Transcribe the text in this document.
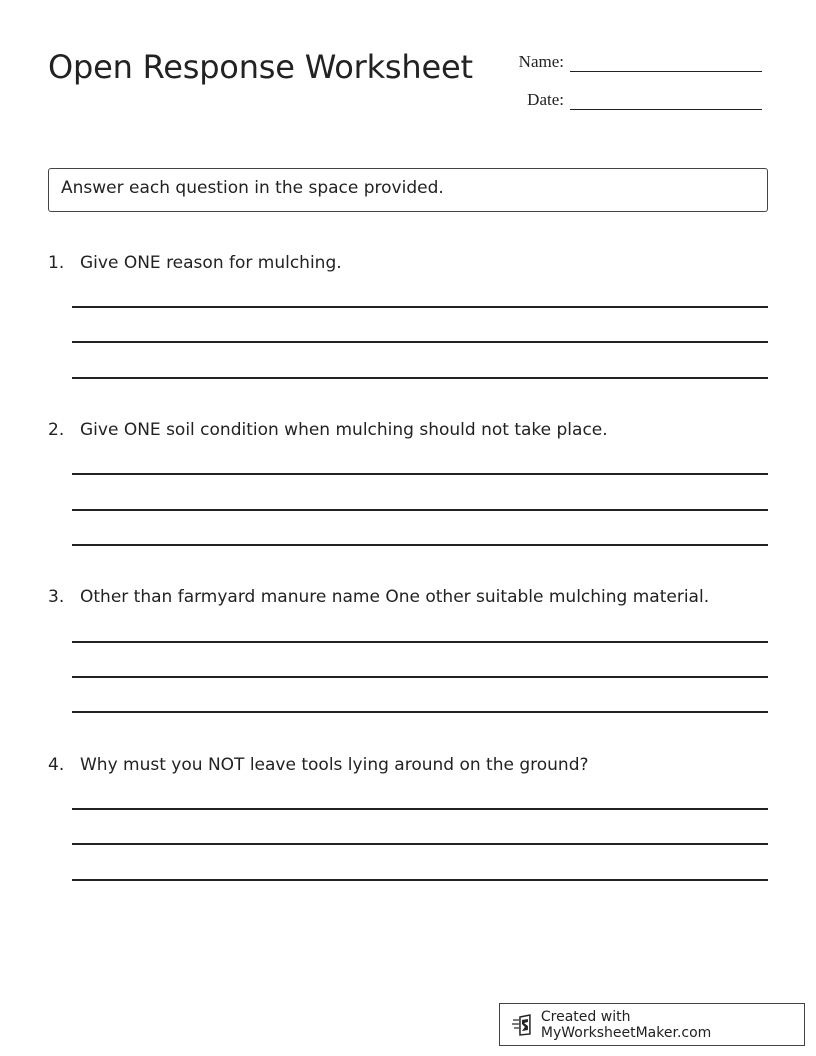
Open Response Worksheet	Name:
Date:
Answer each question in the space provided.
1. Give ONE reason for mulching.
2. Give ONE soil condition when mulching should not take place.
3. Other than farmyard manure name One other suitable mulching material.
4. Why must you NOT leave tools lying around on the ground?
Created with MyWorksheetMaker.com
